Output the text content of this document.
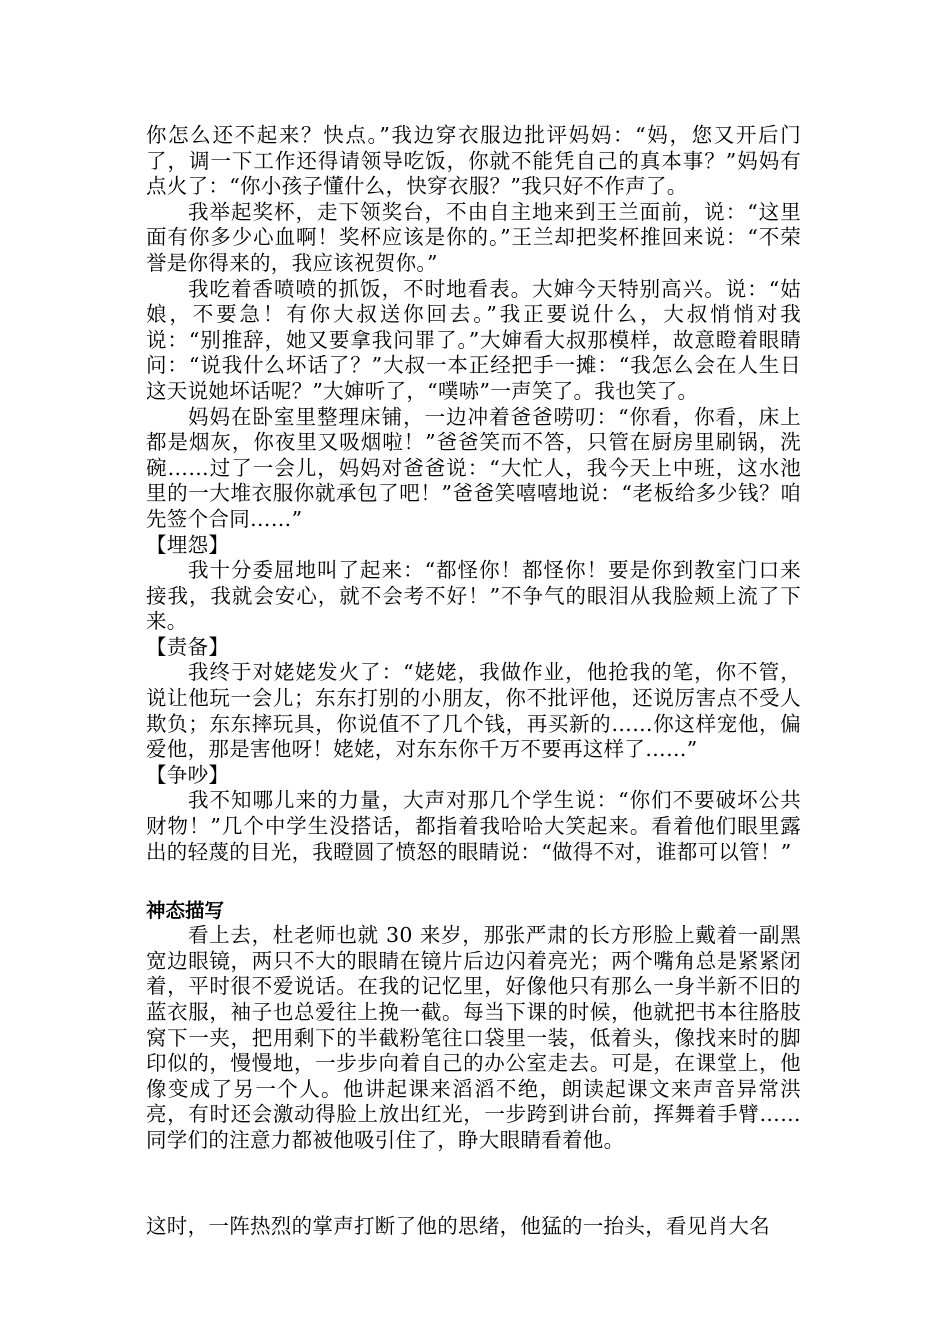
你怎么还不起来？快点。”我边穿衣服边批评妈妈：“妈，您又开后门了，调一下工作还得请领导吃饭，你就不能凭自己的真本事？”妈妈有点火了：“你小孩子懂什么，快穿衣服？”我只好不作声了。

我举起奖杯，走下领奖台，不由自主地来到王兰面前，说：“这里面有你多少心血啊！奖杯应该是你的。”王兰却把奖杯推回来说：“不荣誉是你得来的，我应该祝贺你。”

我吃着香喷喷的抓饭，不时地看表。大婶今天特别高兴。说：“姑娘，不要急！有你大叔送你回去。”我正要说什么，大叔悄悄对我说：“别推辞，她又要拿我问罪了。”大婶看大叔那模样，故意瞪着眼睛问：“说我什么坏话了？”大叔一本正经把手一摊：“我怎么会在人生日这天说她坏话呢？”大婶听了，“噗哧”一声笑了。我也笑了。

妈妈在卧室里整理床铺，一边冲着爸爸唠叨：“你看，你看，床上都是烟灰，你夜里又吸烟啦！”爸爸笑而不答，只管在厨房里刷锅，洗碗……过了一会儿，妈妈对爸爸说：“大忙人，我今天上中班，这水池里的一大堆衣服你就承包了吧！”爸爸笑嘻嘻地说：“老板给多少钱？咱先签个合同……”

【埋怨】

我十分委屈地叫了起来：“都怪你！都怪你！要是你到教室门口来接我，我就会安心，就不会考不好！”不争气的眼泪从我脸颊上流了下来。

【责备】

我终于对姥姥发火了：“姥姥，我做作业，他抢我的笔，你不管，说让他玩一会儿；东东打别的小朋友，你不批评他，还说厉害点不受人欺负；东东摔玩具，你说值不了几个钱，再买新的……你这样宠他，偏爱他，那是害他呀！姥姥，对东东你千万不要再这样了……”

【争吵】

我不知哪儿来的力量，大声对那几个学生说：“你们不要破坏公共财物！”几个中学生没搭话，都指着我哈哈大笑起来。看着他们眼里露出的轻蔑的目光，我瞪圆了愤怒的眼睛说：“做得不对，谁都可以管！”

神态描写

看上去，杜老师也就 30 来岁，那张严肃的长方形脸上戴着一副黑宽边眼镜，两只不大的眼睛在镜片后边闪着亮光；两个嘴角总是紧紧闭着，平时很不爱说话。在我的记忆里，好像他只有那么一身半新不旧的蓝衣服，袖子也总爱往上挽一截。每当下课的时候，他就把书本往胳肢窝下一夹，把用剩下的半截粉笔往口袋里一装，低着头，像找来时的脚印似的，慢慢地，一步步向着自己的办公室走去。可是，在课堂上，他像变成了另一个人。他讲起课来滔滔不绝，朗读起课文来声音异常洪亮，有时还会激动得脸上放出红光，一步跨到讲台前，挥舞着手臂……同学们的注意力都被他吸引住了，睁大眼睛看着他。

这时，一阵热烈的掌声打断了他的思绪，他猛的一抬头，看见肖大名
